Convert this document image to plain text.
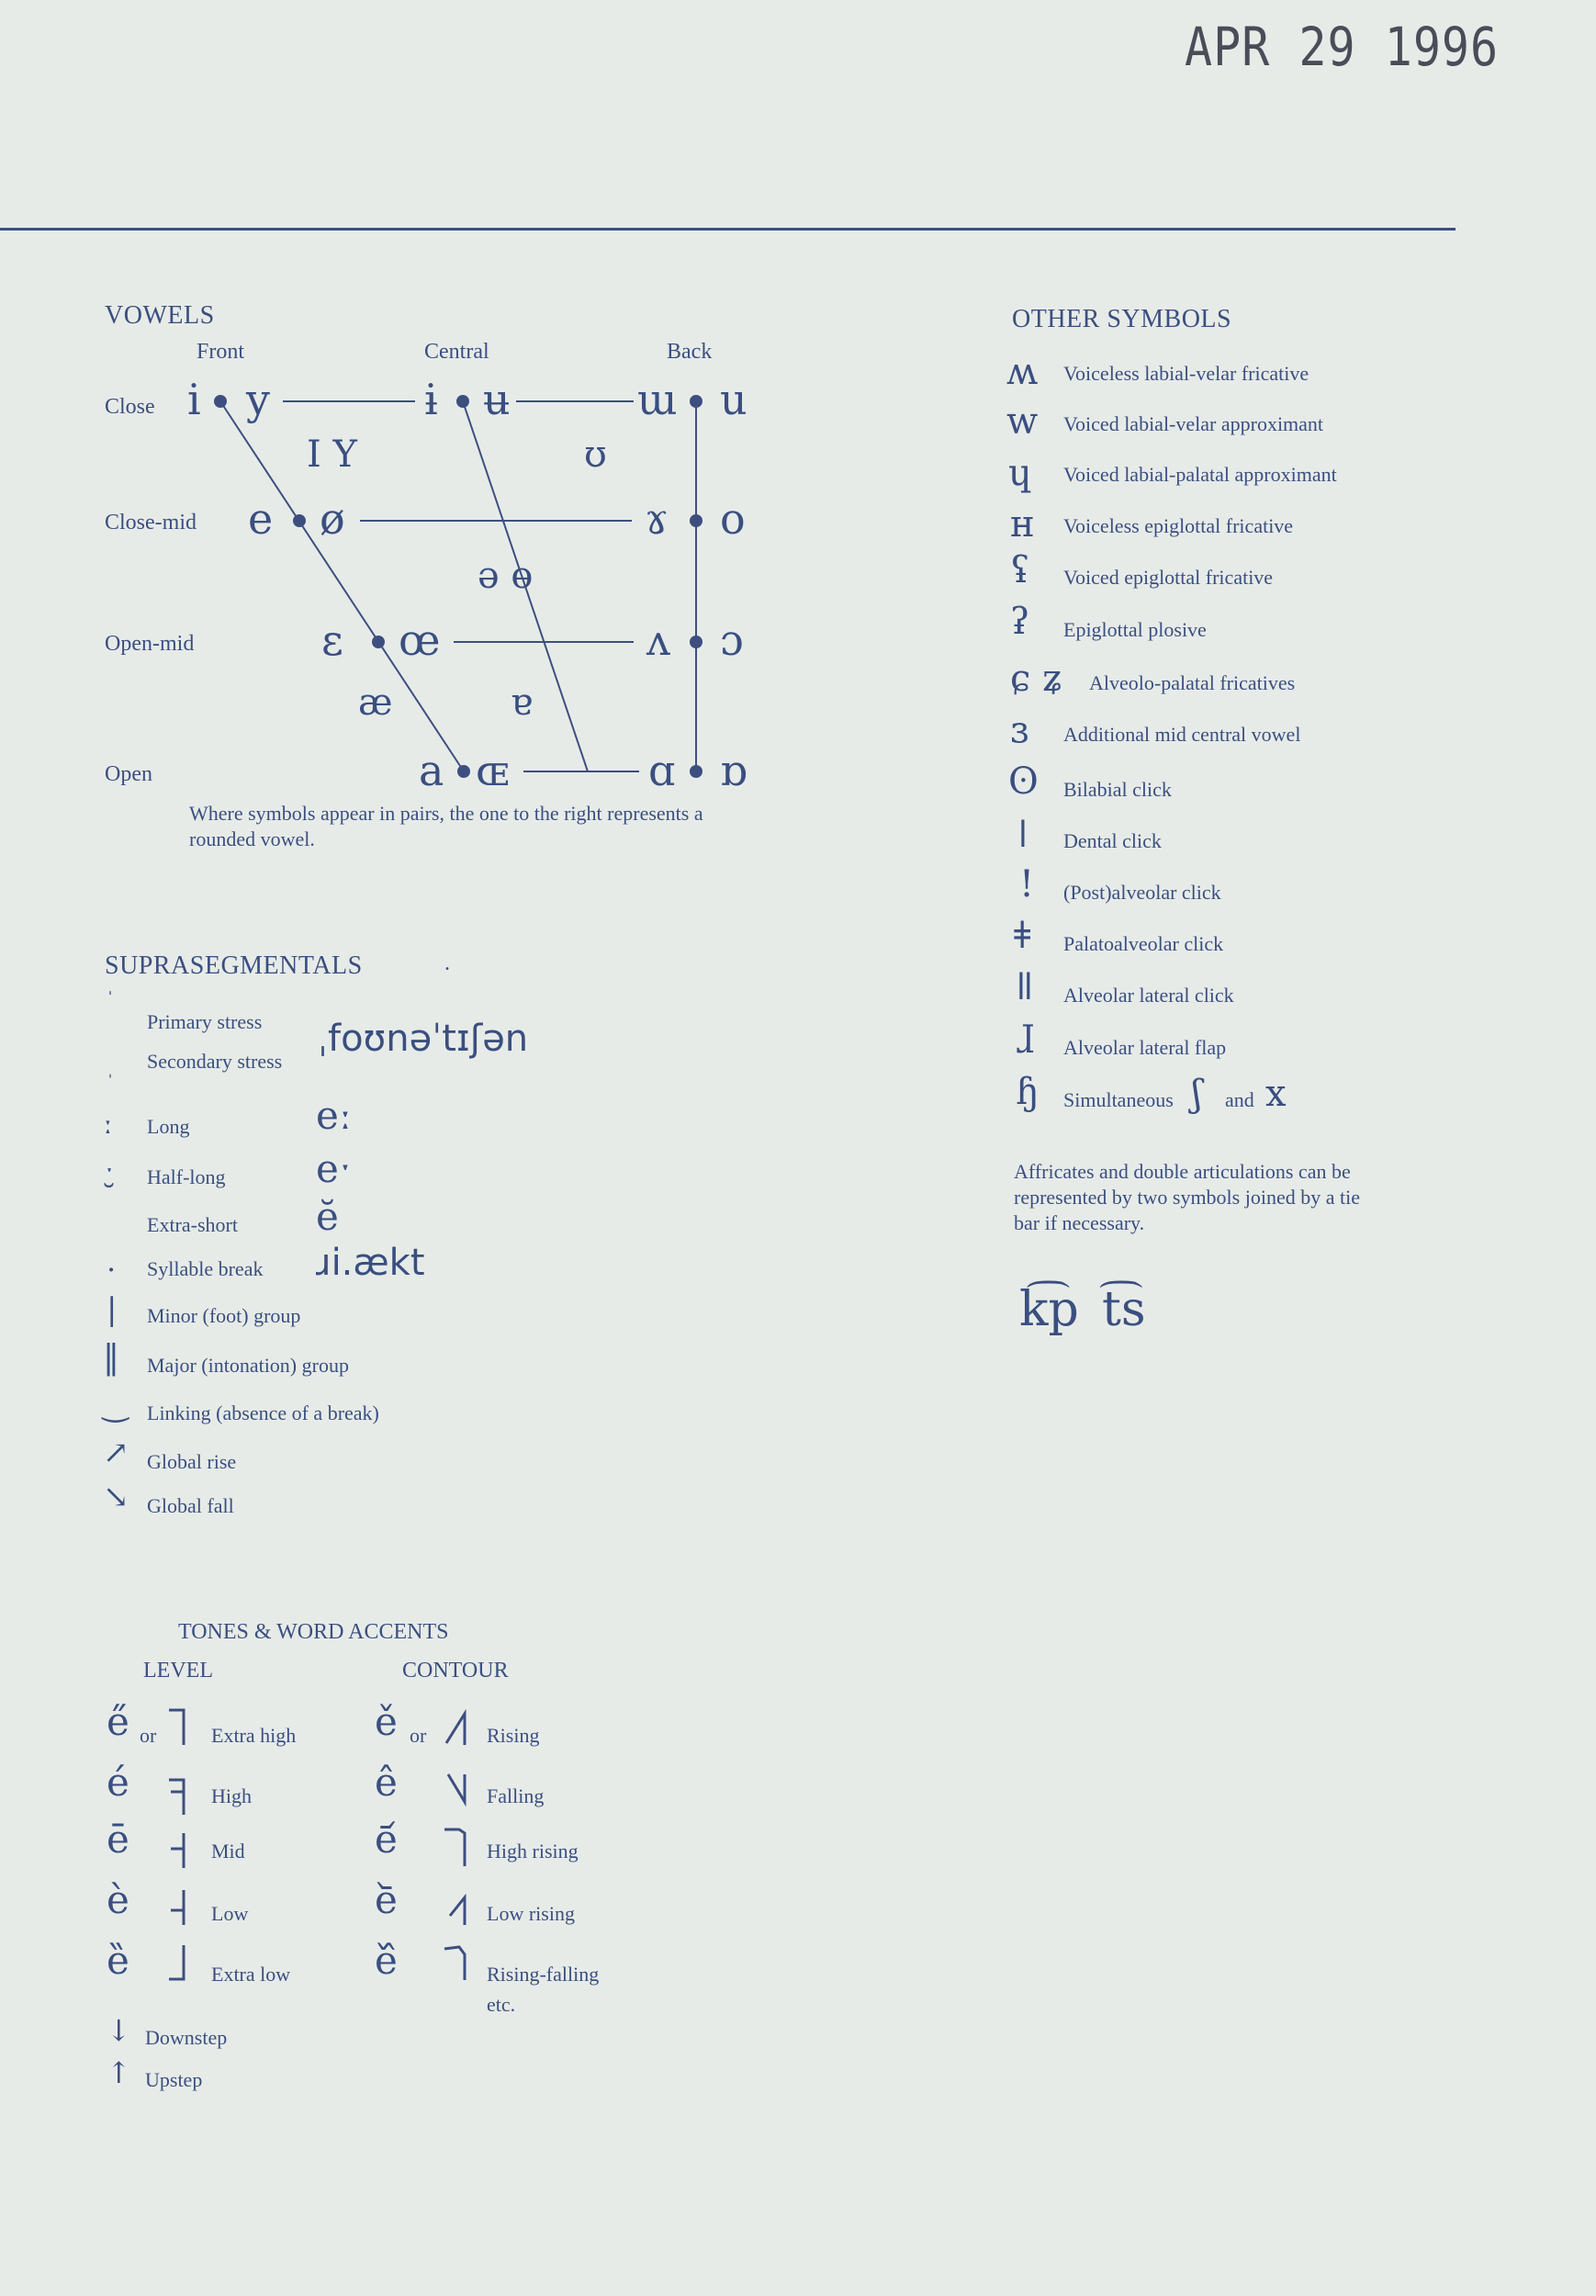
APR 29 1996
VOWELS
Front	Central	Back
Close
Close-mid
Open-mid
Open
i y	ɨ ʉ	ɯ u
I Y	ʊ
e ø	ɤ o
ə ɵ
ɛ œ	ʌ ɔ
æ	ɐ
a ɶ	ɑ ɒ
Where symbols appear in pairs, the one to the right represents a rounded vowel.
SUPRASEGMENTALS	.
ˈ
Primary stress
ˌ Secondary stress
ˌfoʊnəˈtɪʃən
ː Long	eː
ˑ Half-long eˑ
˘
Extra-short ĕ
. Syllable break ɹi.ækt
| Minor (foot) group
‖ Major (intonation) group
‿ Linking (absence of a break)
↗ Global rise
↘ Global fall
TONES & WORD ACCENTS
LEVEL	CONTOUR
e̋ or	Extra high
é	High
ē	Mid
è	Low
ȅ	Extra low
ě or	Rising
ê	Falling
e᷄	High rising
e᷅	Low rising
e᷈	Rising-falling
etc.
↓ Downstep
↑ Upstep
OTHER SYMBOLS
Affricates and double articulations can be represented by two symbols joined by a tie bar if necessary.
k͡p t͡s
ʍ Voiceless labial-velar fricative
w Voiced labial-velar approximant
ɥ Voiced labial-palatal approximant
ʜ Voiceless epiglottal fricative
ʢ Voiced epiglottal fricative
ʡ Epiglottal plosive
ɕ ʑ Alveolo-palatal fricatives
ɜ Additional mid central vowel
ʘ Bilabial click
ǀ Dental click
! (Post)alveolar click
ǂ Palatoalveolar click
ǁ Alveolar lateral click
ɺ Alveolar lateral flap
ɧ Simultaneous ʃ and x
